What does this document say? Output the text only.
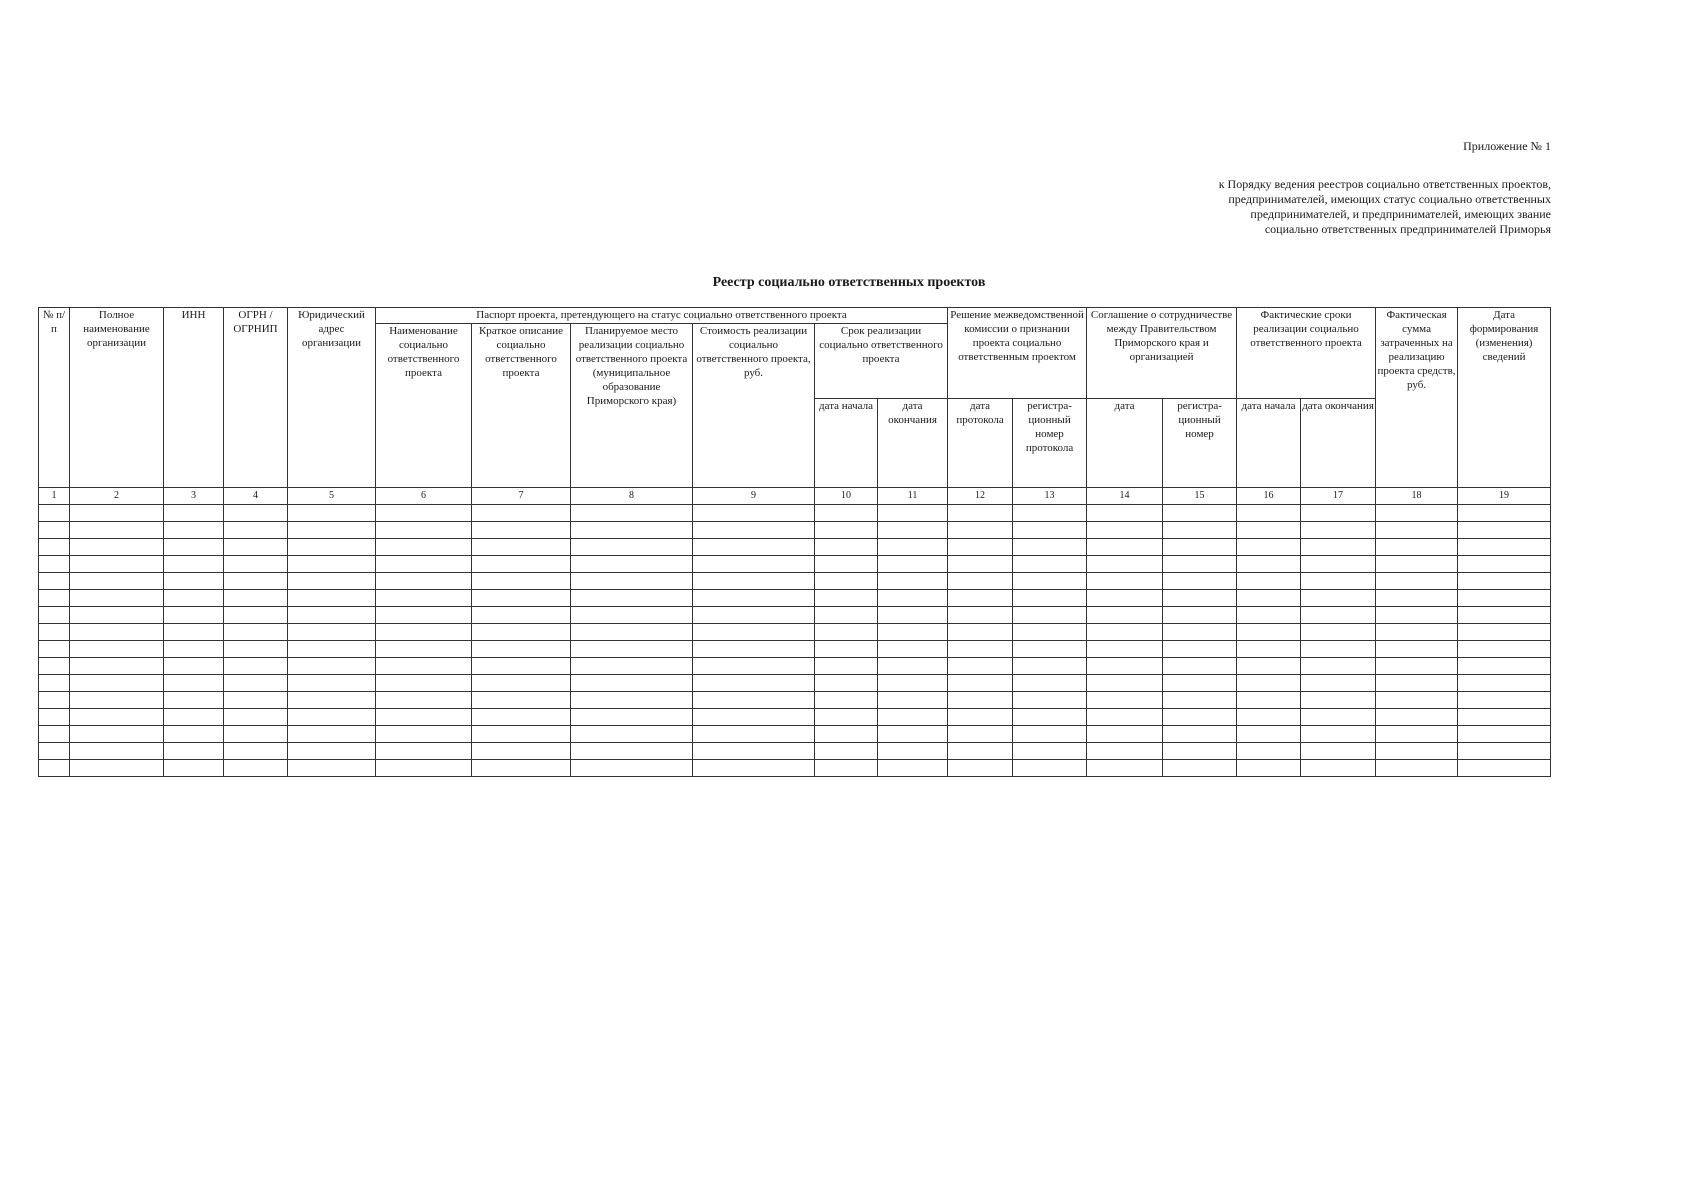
Приложение № 1
к Порядку ведения реестров социально ответственных проектов,
предпринимателей, имеющих статус социально ответственных
предпринимателей, и предпринимателей, имеющих звание
социально ответственных предпринимателей Приморья
Реестр социально ответственных проектов
№ п/п	Полное наименование организации	ИНН	ОГРН / ОГРНИП	Юридический адрес организации	Паспорт проекта, претендующего на статус социально ответственного проекта						Решение межведомственной комиссии о признании проекта социально ответственным проектом		Соглашение о сотрудничестве между Правительством Приморского края и организацией		Фактические сроки реализации социально ответственного проекта		Фактическая сумма затраченных на реализацию проекта средств, руб.	Дата формирования (изменения) сведений
					Наименование социально ответственного проекта	Краткое описание социально ответственного проекта	Планируемое место реализации социально ответственного проекта (муниципальное образование Приморского края)	Стоимость реализации социально ответственного проекта, руб.	Срок реализации социально ответственного проекта									
									дата начала	дата окончания	дата протокола	регистра-ционный номер протокола	дата	регистра-ционный номер	дата начала	дата окончания		
1	2	3	4	5	6	7	8	9	10	11	12	13	14	15	16	17	18	19
